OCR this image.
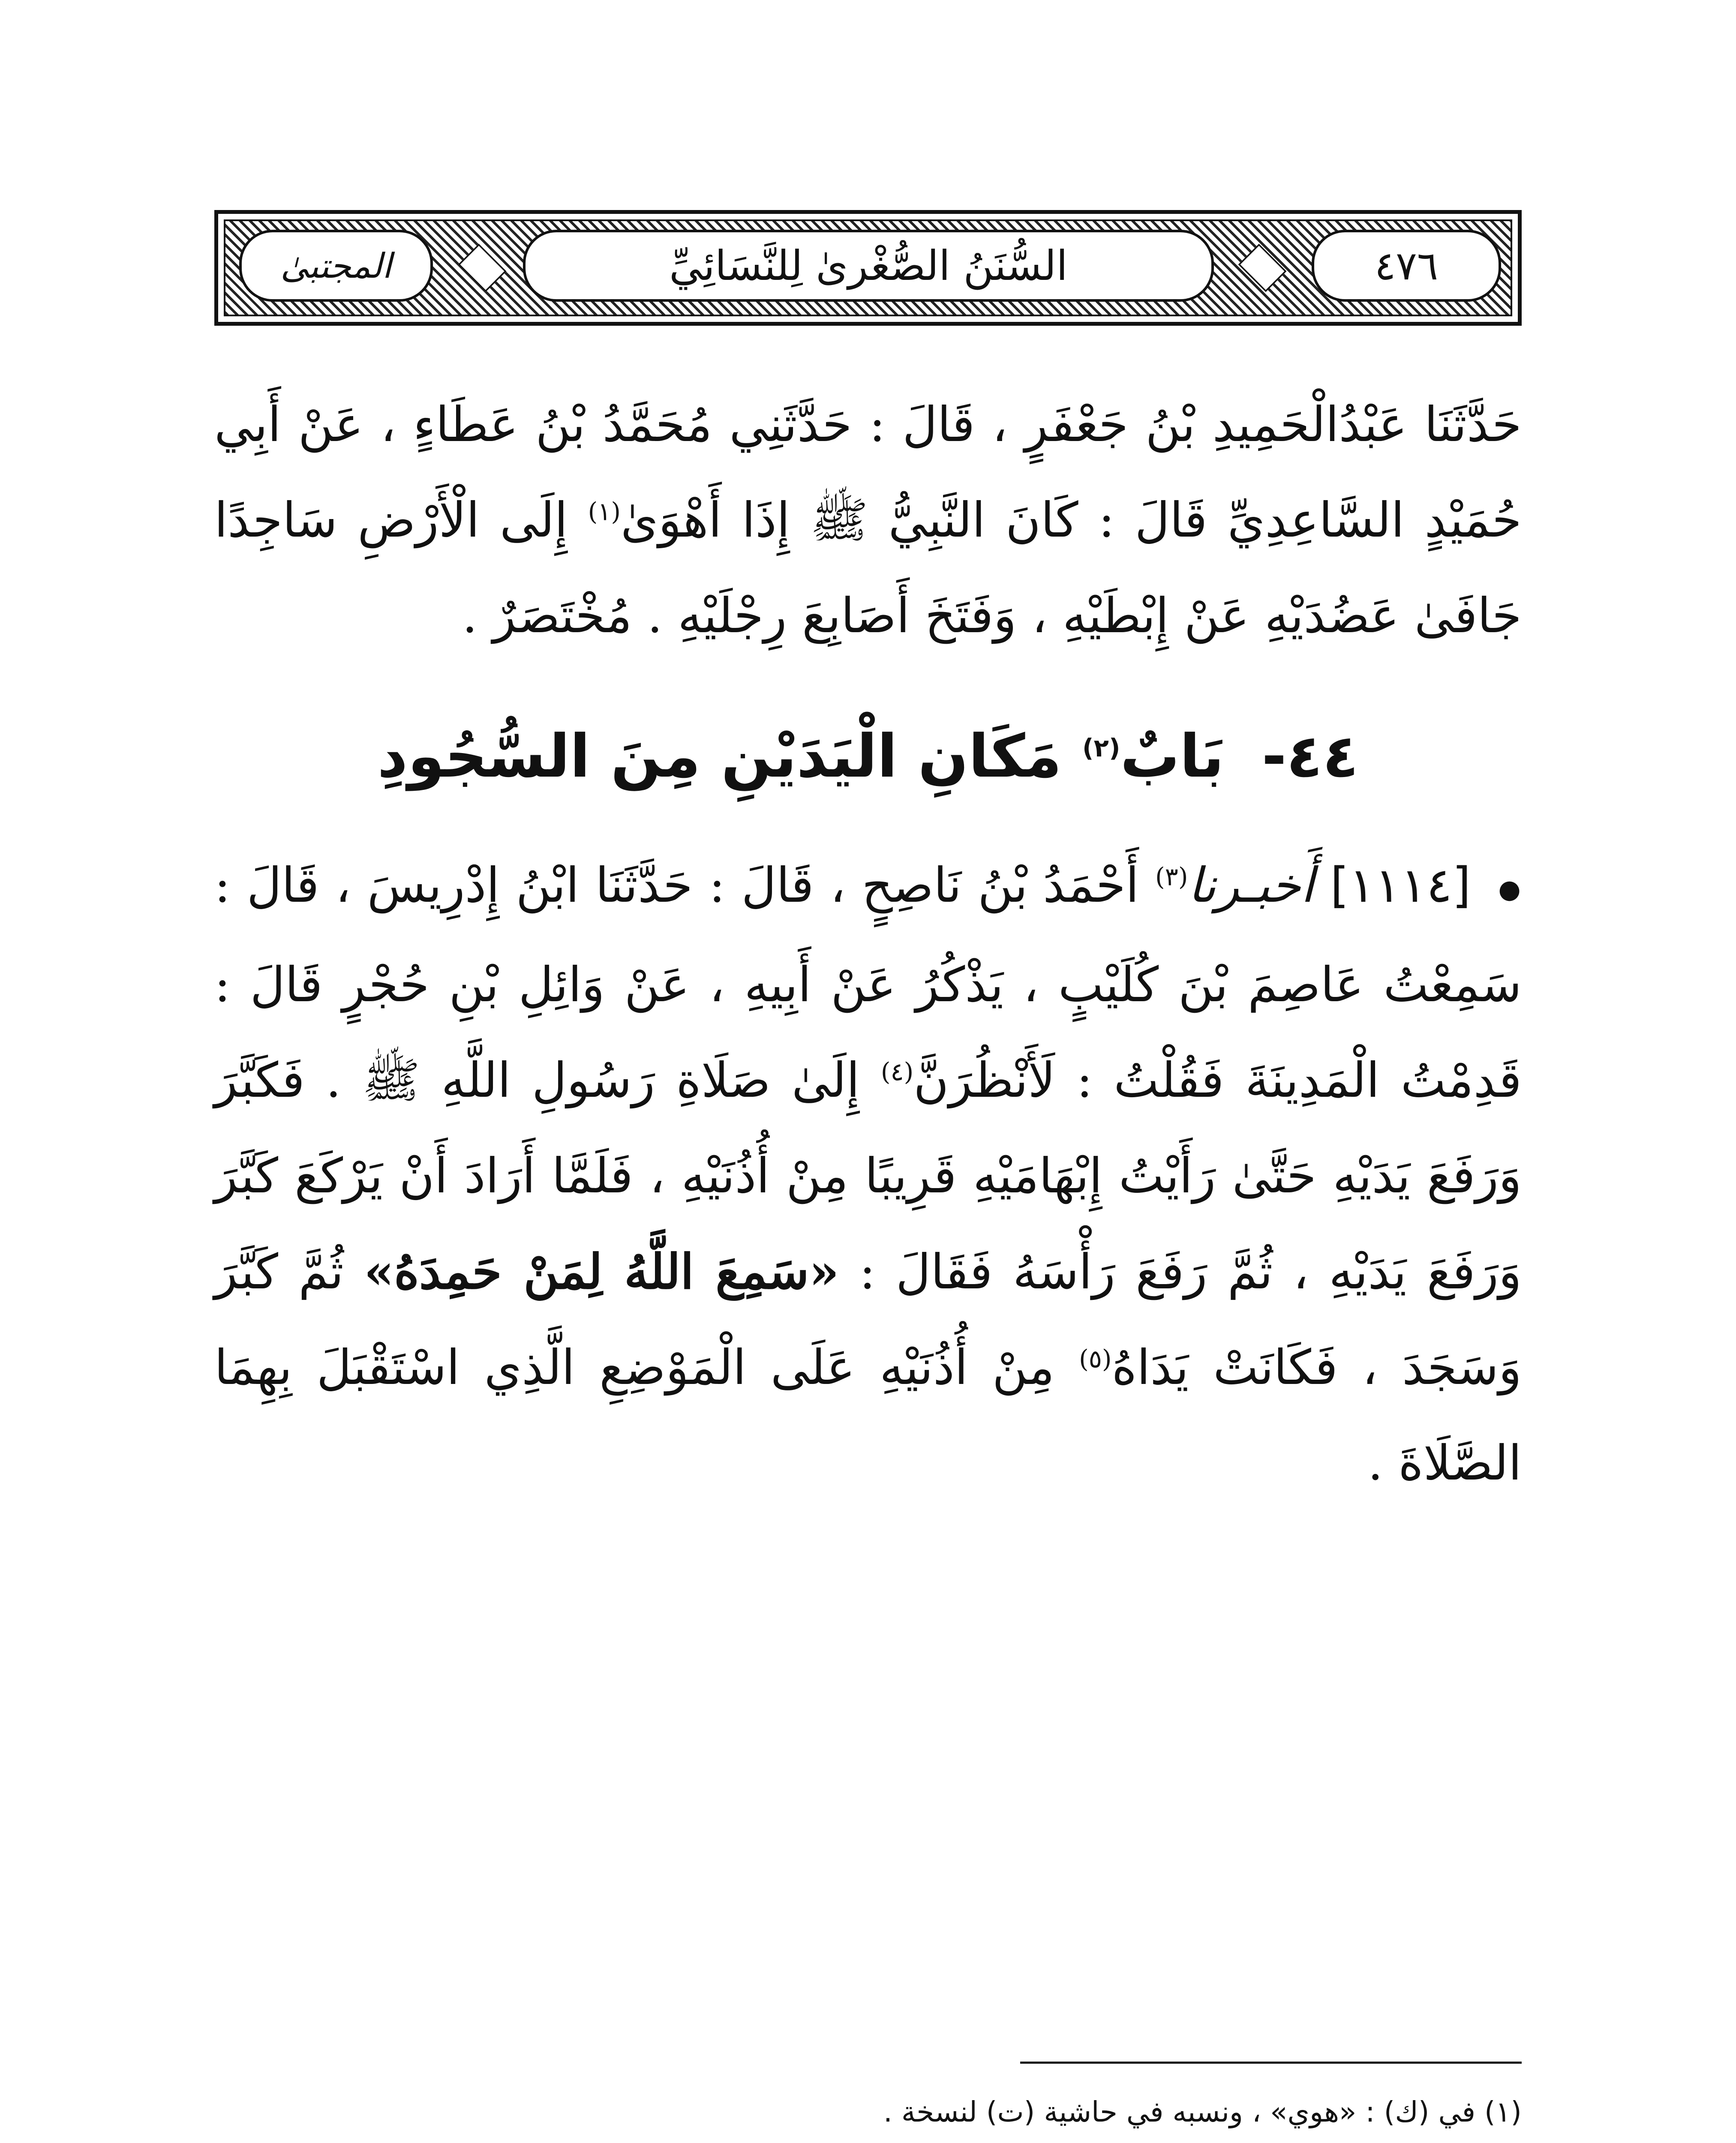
٤٧٦
السُّنَنُ الصُّغْرىٰ لِلنَّسَائِيِّ
المجتبىٰ

حَدَّثَنَا عَبْدُالْحَمِيدِ بْنُ جَعْفَرٍ ، قَالَ : حَدَّثَنِي مُحَمَّدُ بْنُ عَطَاءٍ ، عَنْ أَبِي حُمَيْدٍ السَّاعِدِيِّ قَالَ : كَانَ النَّبِيُّ ﷺ إِذَا أَهْوَىٰ$^{(١)}$ إِلَى الْأَرْضِ سَاجِدًا جَافَىٰ عَضُدَيْهِ عَنْ إِبْطَيْهِ ، وَفَتَخَ أَصَابِعَ رِجْلَيْهِ . مُخْتَصَرٌ .

٤٤- بَابٌ$^{(٢)}$ مَكَانِ الْيَدَيْنِ مِنَ السُّجُودِ

● [١١١٤] أَخبـرنا$^{(٣)}$ أَحْمَدُ بْنُ نَاصِحٍ ، قَالَ : حَدَّثَنَا ابْنُ إِدْرِيسَ ، قَالَ : سَمِعْتُ عَاصِمَ بْنَ كُلَيْبٍ ، يَذْكُرُ عَنْ أَبِيهِ ، عَنْ وَائِلِ بْنِ حُجْرٍ قَالَ : قَدِمْتُ الْمَدِينَةَ فَقُلْتُ : لَأَنْظُرَنَّ$^{(٤)}$ إِلَىٰ صَلَاةِ رَسُولِ اللَّهِ ﷺ . فَكَبَّرَ وَرَفَعَ يَدَيْهِ حَتَّىٰ رَأَيْتُ إِبْهَامَيْهِ قَرِيبًا مِنْ أُذُنَيْهِ ، فَلَمَّا أَرَادَ أَنْ يَرْكَعَ كَبَّرَ وَرَفَعَ يَدَيْهِ ، ثُمَّ رَفَعَ رَأْسَهُ فَقَالَ : «سَمِعَ اللَّهُ لِمَنْ حَمِدَهُ» ثُمَّ كَبَّرَ وَسَجَدَ ، فَكَانَتْ يَدَاهُ$^{(٥)}$ مِنْ أُذُنَيْهِ عَلَى الْمَوْضِعِ الَّذِي اسْتَقْبَلَ بِهِمَا الصَّلَاةَ .

(١) في (ك) : «هوي» ، ونسبه في حاشية (ت) لنسخة .
